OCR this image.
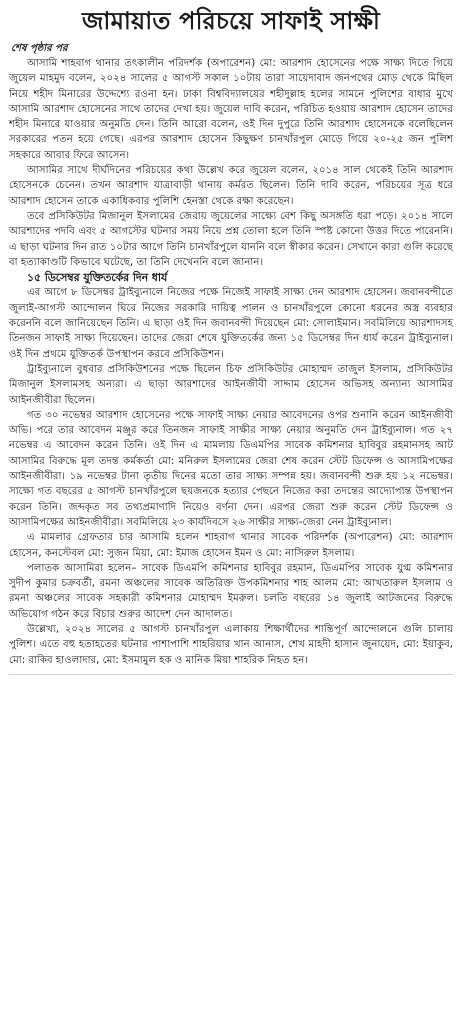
জামায়াত পরিচয়ে সাফাই সাক্ষী
শেষ পৃষ্ঠার পর

আসামি শাহবাগ থানার তৎকালীন পরিদর্শক (অপারেশন) মো: আরশাদ হোসেনের পক্ষে সাক্ষ্য দিতে গিয়ে জুয়েল মাহমুদ বলেন, ২০২৪ সালের ৫ আগস্ট সকাল ১০টায় তারা সায়েদাবাদ জনপথের মোড় থেকে মিছিল নিয়ে শহীদ মিনারের উদ্দেশ্যে রওনা হন। ঢাকা বিশ্ববিদ্যালয়ের শহীদুল্লাহ হলের সামনে পুলিশের বাধার মুখে আসামি আরশাদ হোসেনের সাথে তাদের দেখা হয়। জুয়েল দাবি করেন, পরিচিত হওয়ায় আরশাদ হোসেন তাদের শহীদ মিনারে যাওয়ার অনুমতি দেন। তিনি আরো বলেন, ওই দিন দুপুরে তিনি আরশাদ হোসেনকে বলেছিলেন সরকারের পতন হয়ে গেছে। এরপর আরশাদ হোসেন কিছুক্ষণ চানখাঁরপুল মোড়ে গিয়ে ২০-২৫ জন পুলিশ সহকারে আবার ফিরে আসেন।

আসামির সাথে দীর্ঘদিনের পরিচয়ের কথা উল্লেখ করে জুয়েল বলেন, ২০১৪ সাল থেকেই তিনি আরশাদ হোসেনকে চেনেন। তখন আরশাদ যাত্রাবাড়ী থানায় কর্মরত ছিলেন। তিনি দাবি করেন, পরিচয়ের সূত্র ধরে আরশাদ হোসেন তাকে একাধিকবার পুলিশি হেনস্তা থেকে রক্ষা করেছেন।

তবে প্রসিকিউটর মিজানুল ইসলামের জেরায় জুয়েলের সাক্ষ্যে বেশ কিছু অসঙ্গতি ধরা পড়ে। ২০১৪ সালে আরশাদের পদবি এবং ৫ আগস্টের ঘটনার সময় নিয়ে প্রশ্ন তোলা হলে তিনি স্পষ্ট কোনো উত্তর দিতে পারেননি। এ ছাড়া ঘটনার দিন রাত ১০টার আগে তিনি চানখাঁরপুলে যাননি বলে স্বীকার করেন। সেখানে কারা গুলি করেছে বা হত্যাকাণ্ডটি কিভাবে ঘটেছে, তা তিনি দেখেননি বলে জানান।

১৫ ডিসেম্বর যুক্তিতর্কের দিন ধার্য

এর আগে ৮ ডিসেম্বর ট্রাইব্যুনালে নিজের পক্ষে নিজেই সাফাই সাক্ষ্য দেন আরশাদ হোসেন। জবানবন্দীতে জুলাই-আগস্ট আন্দোলন ঘিরে নিজের সরকারি দায়িত্ব পালন ও চানখাঁরপুলে কোনো ধরনের অস্ত্র ব্যবহার করেননি বলে জানিয়েছেন তিনি। এ ছাড়া ওই দিন জবানবন্দী দিয়েছেন মো: সোলাইমান। সবমিলিয়ে আরশাদসহ তিনজন সাফাই সাক্ষ্য দিয়েছেন। তাদের জেরা শেষে যুক্তিতর্কের জন্য ১৫ ডিসেম্বর দিন ধার্য করেন ট্রাইব্যুনাল। ওই দিন প্রথমে যুক্তিতর্ক উপস্থাপন করবে প্রসিকিউশন।

ট্রাইব্যুনালে বুধবার প্রসিকিউশনের পক্ষে ছিলেন চিফ প্রসিকিউটর মোহাম্মদ তাজুল ইসলাম, প্রসিকিউটর মিজানুল ইসলামসহ অন্যরা। এ ছাড়া আরশাদের আইনজীবী সাদ্দাম হোসেন অভিসহ অন্যান্য আসামির আইনজীবীরা ছিলেন।

গত ৩০ নভেম্বর আরশাদ হোসেনের পক্ষে সাফাই সাক্ষ্য নেয়ার আবেদনের ওপর শুনানি করেন আইনজীবী অভি। পরে তার আবেদন মঞ্জুর করে তিনজন সাফাই সাক্ষীর সাক্ষ্য নেয়ার অনুমতি দেন ট্রাইব্যুনাল। গত ২৭ নভেম্বর এ আবেদন করেন তিনি। ওই দিন এ মামলায় ডিএমপির সাবেক কমিশনার হাবিবুর রহমানসহ আট আসামির বিরুদ্ধে মূল তদন্ত কর্মকর্তা মো: মনিরুল ইসলামের জেরা শেষ করেন স্টেট ডিফেন্স ও আসামিপক্ষের আইনজীবীরা। ১৯ নভেম্বর টানা তৃতীয় দিনের মতো তার সাক্ষ্য সম্পন্ন হয়। জবানবন্দী শুরু হয় ১২ নভেম্বর। সাক্ষ্যে গত বছরের ৫ আগস্ট চানখাঁরপুলে ছয়জনকে হত্যার পেছনে নিজের করা তদন্তের আদ্যোপান্ত উপস্থাপন করেন তিনি। জব্দকৃত সব তথ্যপ্রমাণাদি নিয়েও বর্ণনা দেন। এরপর জেরা শুরু করেন স্টেট ডিফেন্স ও আসামিপক্ষের আইনজীবীরা। সবমিলিয়ে ২৩ কার্যদিবসে ২৬ সাক্ষীর সাক্ষ্য-জেরা নেন ট্রাইব্যুনাল।

এ মামলার গ্রেফতার চার আসামি হলেন শাহবাগ থানার সাবেক পরিদর্শক (অপারেশন) মো: আরশাদ হোসেন, কনস্টেবল মো: সুজন মিয়া, মো: ইমাজ হোসেন ইমন ও মো: নাসিরুল ইসলাম।

পলাতক আসামিরা হলেন– সাবেক ডিএমপি কমিশনার হাবিবুর রহমান, ডিএমপির সাবেক যুগ্ম কমিশনার সুদীপ কুমার চক্রবর্তী, রমনা অঞ্চলের সাবেক অতিরিক্ত উপকমিশনার শাহ আলম মো: আখতারুল ইসলাম ও রমনা অঞ্চলের সাবেক সহকারী কমিশনার মোহাম্মদ ইমরুল। চলতি বছরের ১৪ জুলাই আটজনের বিরুদ্ধে অভিযোগ গঠন করে বিচার শুরুর আদেশ দেন আদালত।

উল্লেখ্য, ২০২৪ সালের ৫ আগস্ট চানখাঁরপুল এলাকায় শিক্ষার্থীদের শান্তিপূর্ণ আন্দোলনে গুলি চালায় পুলিশ। এতে বহু হতাহতের ঘটনার পাশাপাশি শাহরিয়ার খান আনাস, শেখ মাহদী হাসান জুনায়েদ, মো: ইয়াকুব, মো: রাকিব হাওলাদার, মো: ইসমামুল হক ও মানিক মিয়া শাহরিক নিহত হন।
